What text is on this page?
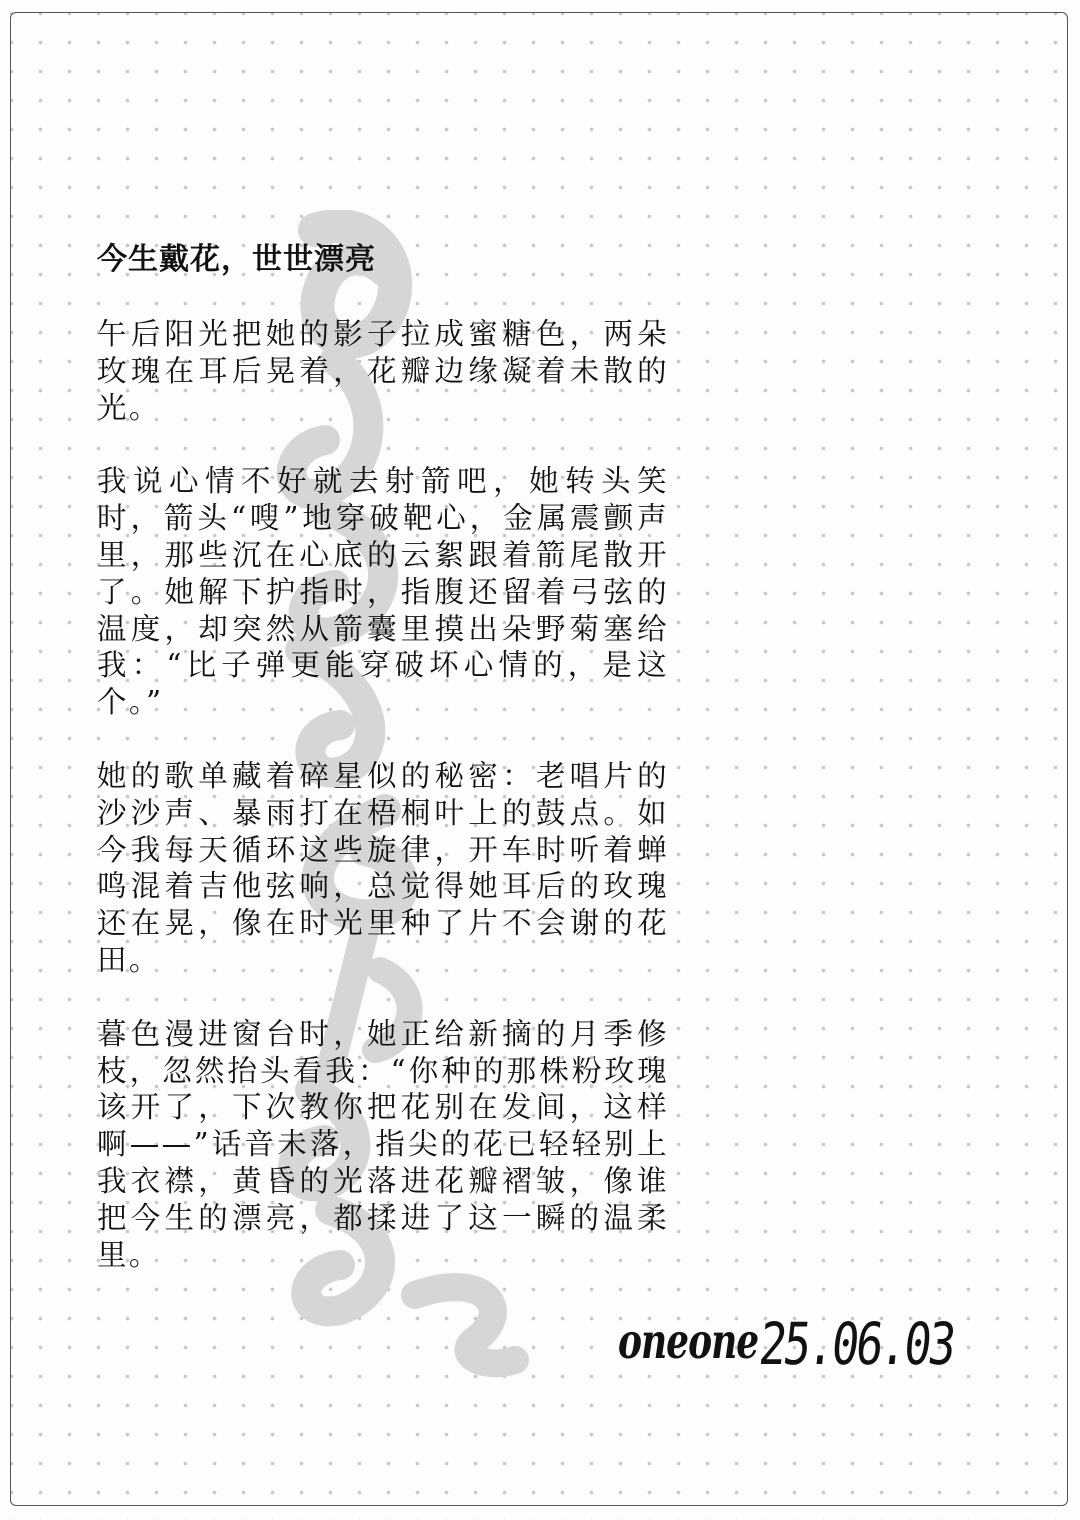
今生戴花，世世漂亮

午后阳光把她的影子拉成蜜糖色，两朵玫瑰在耳后晃着，花瓣边缘凝着未散的光。

我说心情不好就去射箭吧，她转头笑时，箭头“嗖”地穿破靶心，金属震颤声里，那些沉在心底的云絮跟着箭尾散开了。她解下护指时，指腹还留着弓弦的温度，却突然从箭囊里摸出朵野菊塞给我：“比子弹更能穿破坏心情的，是这个。”

她的歌单藏着碎星似的秘密：老唱片的沙沙声、暴雨打在梧桐叶上的鼓点。如今我每天循环这些旋律，开车时听着蝉鸣混着吉他弦响，总觉得她耳后的玫瑰还在晃，像在时光里种了片不会谢的花田。

暮色漫进窗台时，她正给新摘的月季修枝，忽然抬头看我：“你种的那株粉玫瑰该开了，下次教你把花别在发间，这样啊——”话音未落，指尖的花已轻轻别上我衣襟，黄昏的光落进花瓣褶皱，像谁把今生的漂亮，都揉进了这一瞬的温柔里。

oneone
25.06.03
